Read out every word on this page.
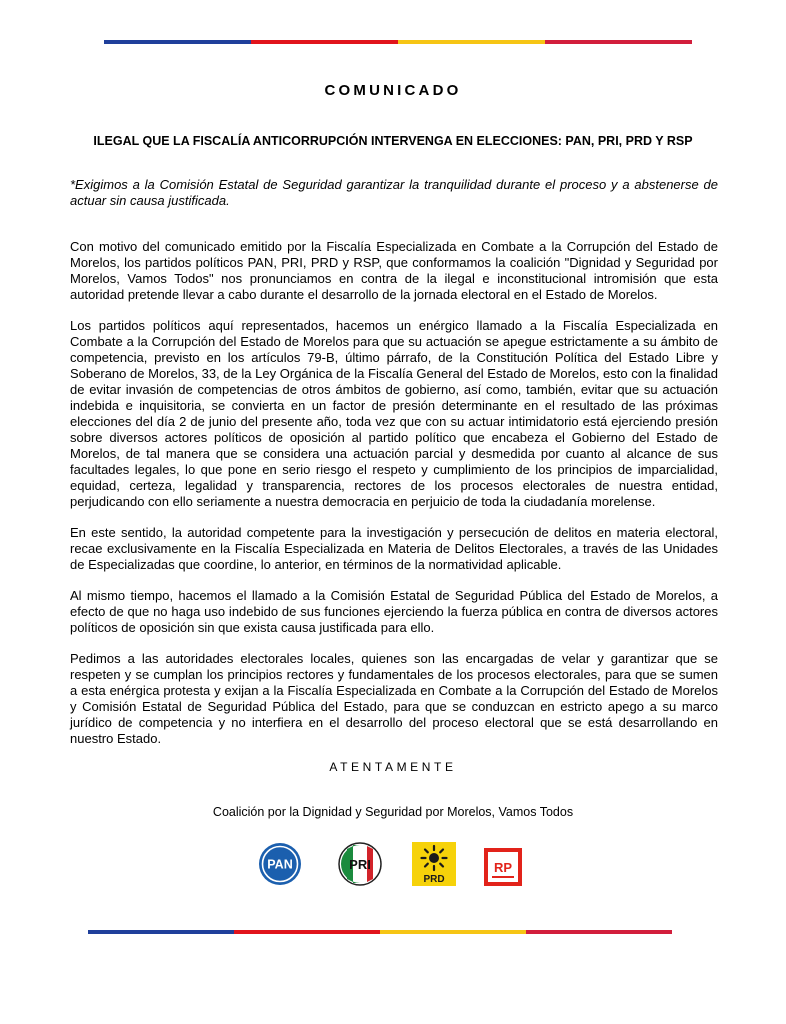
COMUNICADO
ILEGAL QUE LA FISCALÍA ANTICORRUPCIÓN INTERVENGA EN ELECCIONES: PAN, PRI, PRD Y RSP
*Exigimos a la Comisión Estatal de Seguridad garantizar la tranquilidad durante el proceso y a abstenerse de actuar sin causa justificada.

Con motivo del comunicado emitido por la Fiscalía Especializada en Combate a la Corrupción del Estado de Morelos, los partidos políticos PAN, PRI, PRD y RSP, que conformamos la coalición "Dignidad y Seguridad por Morelos, Vamos Todos" nos pronunciamos en contra de la ilegal e inconstitucional intromisión que esta autoridad pretende llevar a cabo durante el desarrollo de la jornada electoral en el Estado de Morelos.

Los partidos políticos aquí representados, hacemos un enérgico llamado a la Fiscalía Especializada en Combate a la Corrupción del Estado de Morelos para que su actuación se apegue estrictamente a su ámbito de competencia, previsto en los artículos 79-B, último párrafo, de la Constitución Política del Estado Libre y Soberano de Morelos, 33, de la Ley Orgánica de la Fiscalía General del Estado de Morelos, esto con la finalidad de evitar invasión de competencias de otros ámbitos de gobierno, así como, también, evitar que su actuación indebida e inquisitoria, se convierta en un factor de presión determinante en el resultado de las próximas elecciones del día 2 de junio del presente año, toda vez que con su actuar intimidatorio está ejerciendo presión sobre diversos actores políticos de oposición al partido político que encabeza el Gobierno del Estado de Morelos, de tal manera que se considera una actuación parcial y desmedida por cuanto al alcance de sus facultades legales, lo que pone en serio riesgo el respeto y cumplimiento de los principios de imparcialidad, equidad, certeza, legalidad y transparencia, rectores de los procesos electorales de nuestra entidad, perjudicando con ello seriamente a nuestra democracia en perjuicio de toda la ciudadanía morelense.

En este sentido, la autoridad competente para la investigación y persecución de delitos en materia electoral, recae exclusivamente en la Fiscalía Especializada en Materia de Delitos Electorales, a través de las Unidades de Especializadas que coordine, lo anterior, en términos de la normatividad aplicable.

Al mismo tiempo, hacemos el llamado a la Comisión Estatal de Seguridad Pública del Estado de Morelos, a efecto de que no haga uso indebido de sus funciones ejerciendo la fuerza pública en contra de diversos actores políticos de oposición sin que exista causa justificada para ello.

Pedimos a las autoridades electorales locales, quienes son las encargadas de velar y garantizar que se respeten y se cumplan los principios rectores y fundamentales de los procesos electorales, para que se sumen a esta enérgica protesta y exijan a la Fiscalía Especializada en Combate a la Corrupción del Estado de Morelos y Comisión Estatal de Seguridad Pública del Estado, para que se conduzcan en estricto apego a su marco jurídico de competencia y no interfiera en el desarrollo del proceso electoral que se está desarrollando en nuestro Estado.

ATENTAMENTE
Coalición por la Dignidad y Seguridad por Morelos, Vamos Todos
PAN	PRI
PRD
RP
